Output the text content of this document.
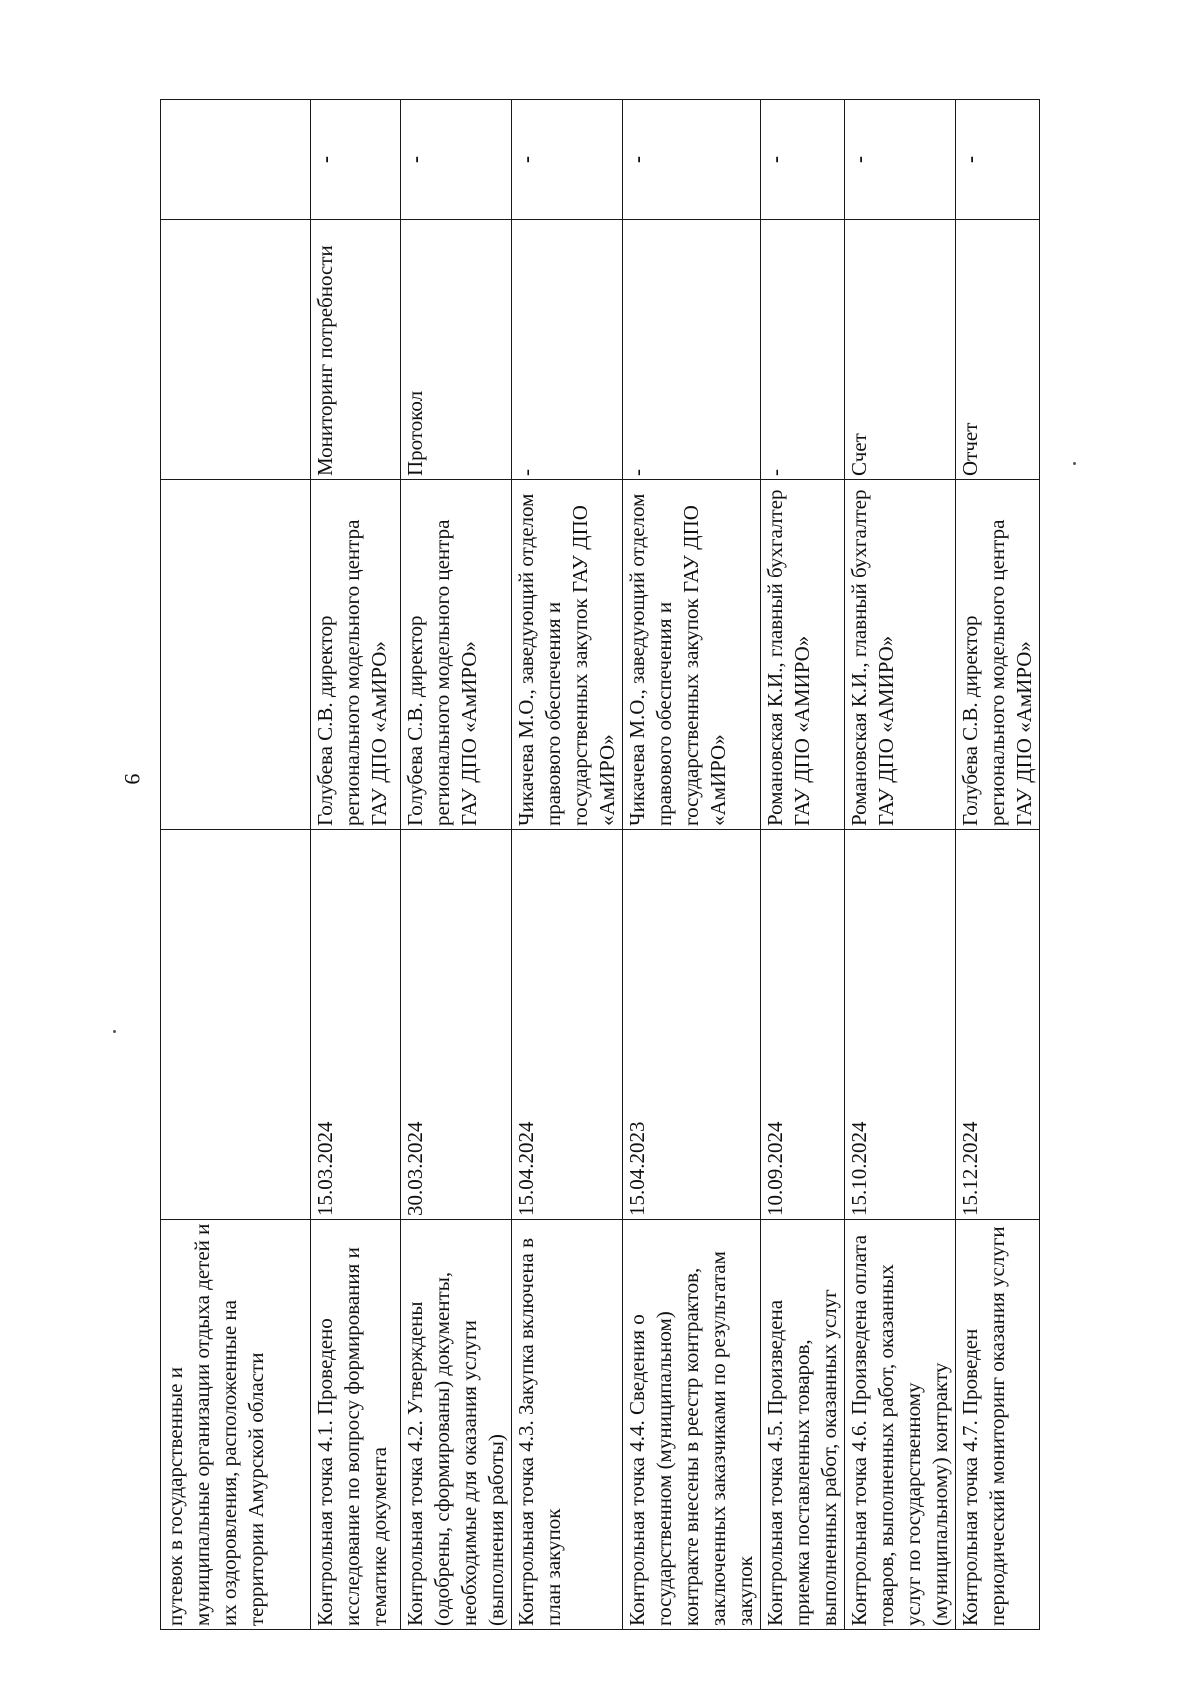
9
путевок в государственные и муниципальные организации отдыха детей и их оздоровления, расположенные на территории Амурской области				
Контрольная точка 4.1. Проведено исследование по вопросу формирования и тематике документа	15.03.2024	Голубева С.В. директор регионального модельного центра ГАУ ДПО «АмИРО»	Мониторинг потребности	-
Контрольная точка 4.2. Утверждены (одобрены, сформированы) документы, необходимые для оказания услуги (выполнения работы)	30.03.2024	Голубева С.В. директор регионального модельного центра ГАУ ДПО «АмИРО»	Протокол	-
Контрольная точка 4.3. Закупка включена в план закупок	15.04.2024	Чикачева М.О., заведующий отделом правового обеспечения и государственных закупок ГАУ ДПО «АмИРО»	-	-
Контрольная точка 4.4. Сведения о государственном (муниципальном) контракте внесены в реестр контрактов, заключенных заказчиками по результатам закупок	15.04.2023	Чикачева М.О., заведующий отделом правового обеспечения и государственных закупок ГАУ ДПО «АмИРО»	-	-
Контрольная точка 4.5. Произведена приемка поставленных товаров, выполненных работ, оказанных услуг	10.09.2024	Романовская К.И., главный бухгалтер ГАУ ДПО «АМИРО»	-	-
Контрольная точка 4.6. Произведена оплата товаров, выполненных работ, оказанных услуг по государственному (муниципальному) контракту	15.10.2024	Романовская К.И., главный бухгалтер ГАУ ДПО «АМИРО»	Счет	-
Контрольная точка 4.7. Проведен периодический мониторинг оказания услуги	15.12.2024	Голубева С.В. директор регионального модельного центра ГАУ ДПО «АмИРО»	Отчет	-
